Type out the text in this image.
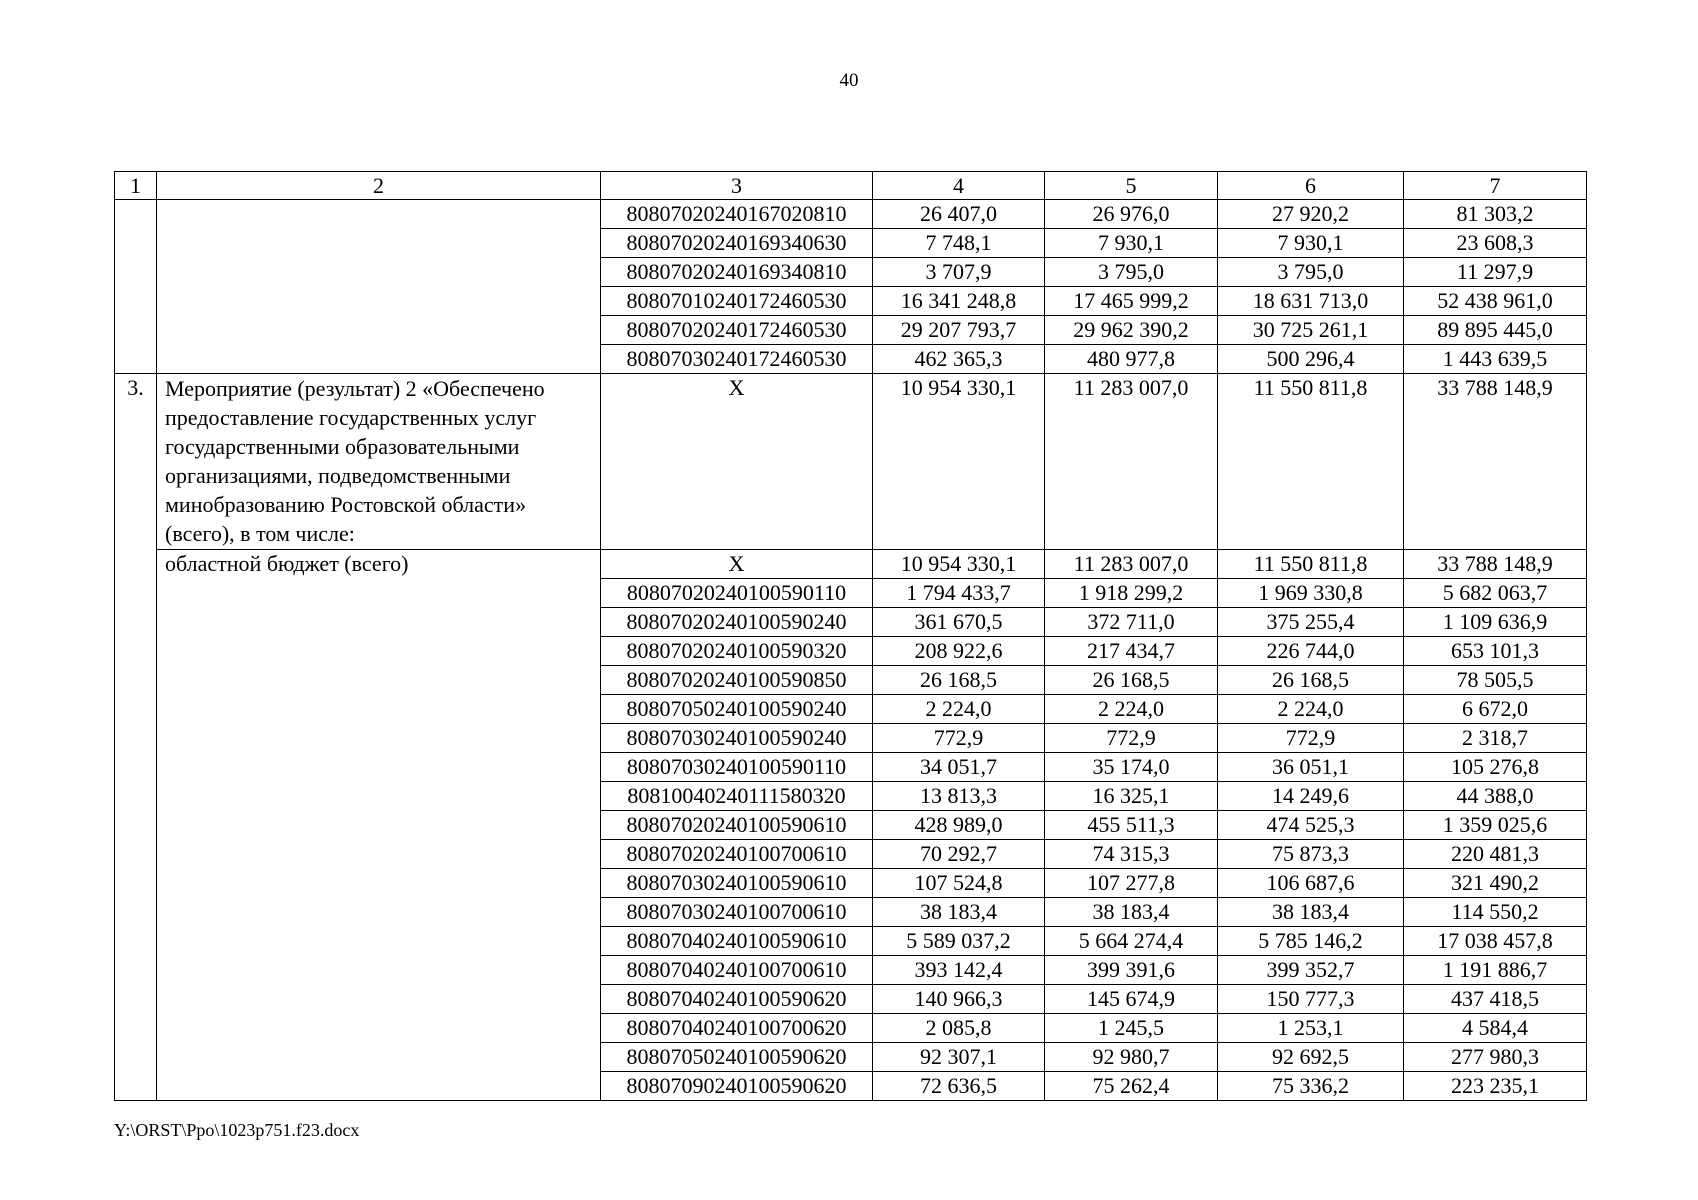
40
1	2	3	4	5	6	7
		80807020240167020810	26 407,0	26 976,0	27 920,2	81 303,2
		80807020240169340630	7 748,1	7 930,1	7 930,1	23 608,3
		80807020240169340810	3 707,9	3 795,0	3 795,0	11 297,9
		80807010240172460530	16 341 248,8	17 465 999,2	18 631 713,0	52 438 961,0
		80807020240172460530	29 207 793,7	29 962 390,2	30 725 261,1	89 895 445,0
		80807030240172460530	462 365,3	480 977,8	500 296,4	1 443 639,5
3.	Мероприятие (результат) 2 «Обеспечено предоставление государственных услуг государственными образовательными организациями, подведомственными минобразованию Ростовской области» (всего), в том числе:	X	10 954 330,1	11 283 007,0	11 550 811,8	33 788 148,9
	областной бюджет (всего)	X	10 954 330,1	11 283 007,0	11 550 811,8	33 788 148,9
		80807020240100590110	1 794 433,7	1 918 299,2	1 969 330,8	5 682 063,7
		80807020240100590240	361 670,5	372 711,0	375 255,4	1 109 636,9
		80807020240100590320	208 922,6	217 434,7	226 744,0	653 101,3
		80807020240100590850	26 168,5	26 168,5	26 168,5	78 505,5
		80807050240100590240	2 224,0	2 224,0	2 224,0	6 672,0
		80807030240100590240	772,9	772,9	772,9	2 318,7
		80807030240100590110	34 051,7	35 174,0	36 051,1	105 276,8
		80810040240111580320	13 813,3	16 325,1	14 249,6	44 388,0
		80807020240100590610	428 989,0	455 511,3	474 525,3	1 359 025,6
		80807020240100700610	70 292,7	74 315,3	75 873,3	220 481,3
		80807030240100590610	107 524,8	107 277,8	106 687,6	321 490,2
		80807030240100700610	38 183,4	38 183,4	38 183,4	114 550,2
		80807040240100590610	5 589 037,2	5 664 274,4	5 785 146,2	17 038 457,8
		80807040240100700610	393 142,4	399 391,6	399 352,7	1 191 886,7
		80807040240100590620	140 966,3	145 674,9	150 777,3	437 418,5
		80807040240100700620	2 085,8	1 245,5	1 253,1	4 584,4
		80807050240100590620	92 307,1	92 980,7	92 692,5	277 980,3
		80807090240100590620	72 636,5	75 262,4	75 336,2	223 235,1
Y:\ORST\Ppo\1023p751.f23.docx
